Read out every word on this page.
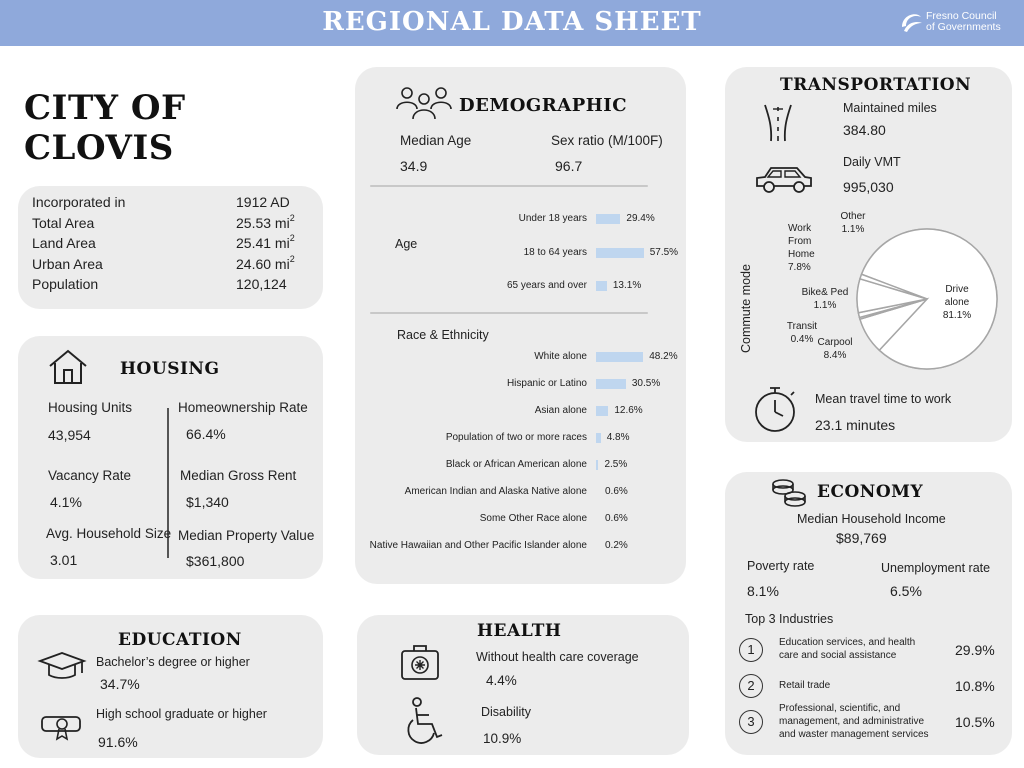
REGIONAL DATA SHEET	Fresno Council
of Governments
CITY OF
CLOVIS
Incorporated in	1912 AD
Total Area	25.53 $mi^2$
Land Area	25.41 $mi^2$
Urban Area	24.60 $mi^2$
Population	120,124
HOUSING
Housing Units
43,954
Homeownership Rate
66.4%
Vacancy Rate
4.1%
Median Gross Rent
$1,340
Avg. Household Size
3.01
Median Property Value
$361,800
EDUCATION
Bachelor’s degree or higher
34.7%
High school graduate or higher
91.6%
DEMOGRAPHIC
Median Age
34.9
Sex ratio (M/100F)
96.7
Age
Under 18 years	29.4%
18 to 64 years	57.5%
65 years and over	13.1%
Race & Ethnicity
White alone	48.2%
Hispanic or Latino	30.5%
Asian alone	12.6%
Population of two or more races 4.8%
Black or African American alone 2.5%
American Indian and Alaska Native alone 0.6%
Some Other Race alone 0.6%
Native Hawaiian and Other Pacific Islander alone 0.2%
HEALTH
Without health care coverage
4.4%
Disability
10.9%
TRANSPORTATION
Maintained miles
384.80
Daily VMT
995,030
Commute mode	Drive alone 81.1%
Carpool 8.4%
Transit 0.4%
Bike& Ped 1.1%
Work From Home 7.8%
Other 1.1%
Mean travel time to work
23.1 minutes
ECONOMY
Median Household Income
$89,769
Poverty rate
8.1%
Unemployment rate
6.5%
Top 3 Industries
1	Education services, and health
care and social assistance	29.9%
2	Retail trade	10.8%
3
Professional, scientific, and
management, and administrative
and waster management services
10.5%
